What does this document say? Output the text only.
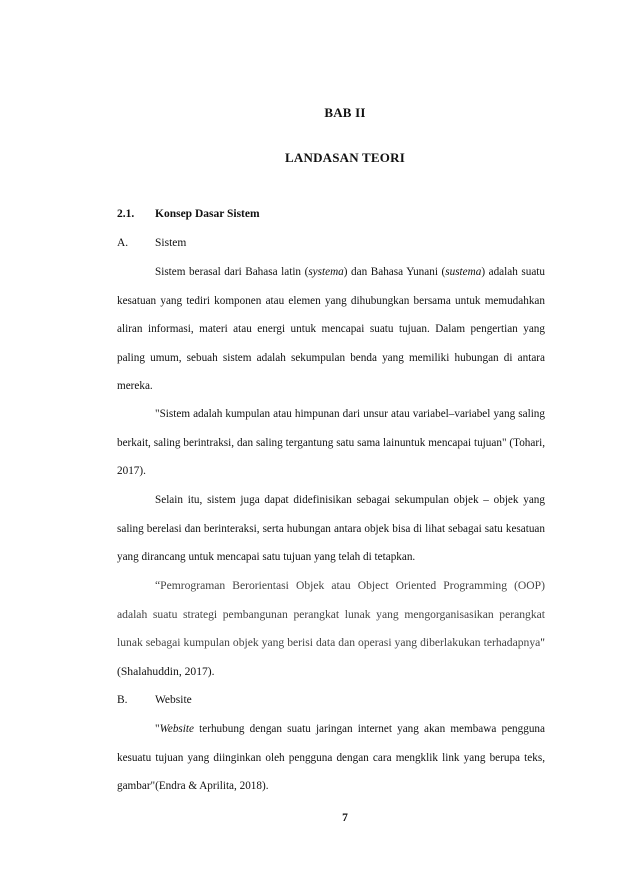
BAB II
LANDASAN TEORI
2.1. Konsep Dasar Sistem
A. Sistem

Sistem berasal dari Bahasa latin (systema) dan Bahasa Yunani (sustema) adalah suatu kesatuan yang tediri komponen atau elemen yang dihubungkan bersama untuk memudahkan aliran informasi, materi atau energi untuk mencapai suatu tujuan. Dalam pengertian yang paling umum, sebuah sistem adalah sekumpulan benda yang memiliki hubungan di antara mereka.

"Sistem adalah kumpulan atau himpunan dari unsur atau variabel–variabel yang saling berkait, saling berintraksi, dan saling tergantung satu sama lainuntuk mencapai tujuan" (Tohari, 2017).

Selain itu, sistem juga dapat didefinisikan sebagai sekumpulan objek – objek yang saling berelasi dan berinteraksi, serta hubungan antara objek bisa di lihat sebagai satu kesatuan yang dirancang untuk mencapai satu tujuan yang telah di tetapkan.

“Pemrograman Berorientasi Objek atau Object Oriented Programming (OOP) adalah suatu strategi pembangunan perangkat lunak yang mengorganisasikan perangkat lunak sebagai kumpulan objek yang berisi data dan operasi yang diberlakukan terhadapnya"(Shalahuddin, 2017).

B. Website

"Website terhubung dengan suatu jaringan internet yang akan membawa pengguna kesuatu tujuan yang diinginkan oleh pengguna dengan cara mengklik link yang berupa teks, gambar"(Endra & Aprilita, 2018).

7
